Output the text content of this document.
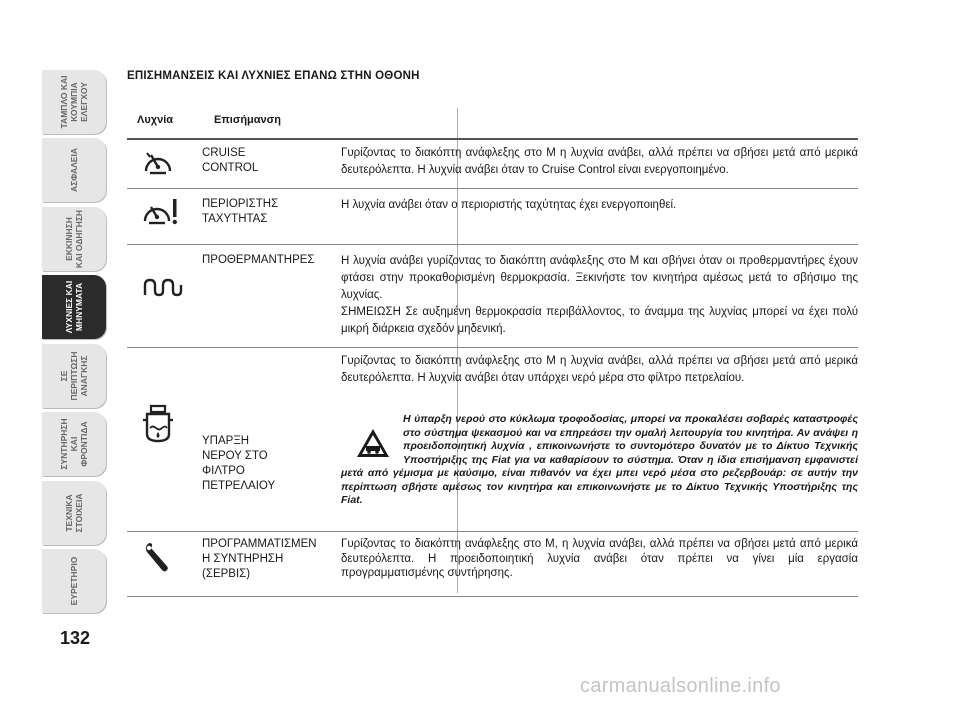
ΤΑΜΠΛΟ ΚΑΙ
ΚΟΥΜΠΙΑ
ΕΛΕΓΧΟΥ
ΑΣΦΑΛΕΙΑ
ΕΚΚΙΝΗΣΗ
ΚΑΙ ΟΔΗΓΗΣΗ
ΛΥΧΝΙΕΣ ΚΑΙ
ΜΗΝΥΜΑΤΑ
ΣΕ ΠΕΡΙΠΤΩΣΗ
ΑΝΑΓΚΗΣ
ΣΥΝΤΗΡΗΣΗ
ΚΑΙ ΦΡΟΝΤΙΔΑ
ΤΕΧΝΙΚΑ
ΣΤΟΙΧΕΙΑ
ΕΥΡΕΤΗΡΙΟ
132
ΕΠΙΣΗΜΑΝΣΕΙΣ ΚΑΙ ΛΥΧΝΙΕΣ ΕΠΑΝΩ ΣΤΗΝ ΟΘΟΝΗ
Λυχνία	Επισήμανση
CRUISE
CONTROL
Γυρίζοντας το διακόπτη ανάφλεξης στο M η λυχνία ανάβει, αλλά πρέπει να σβήσει μετά από μερικά δευτερόλεπτα. Η λυχνία ανάβει όταν το Cruise Control είναι ενεργοποιημένο.
ΠΕΡΙΟΡΙΣΤΗΣ
ΤΑΧΥΤΗΤΑΣ
Η λυχνία ανάβει όταν ο περιοριστής ταχύτητας έχει ενεργοποιηθεί.
ΠΡΟΘΕΡΜΑΝΤΗΡΕΣ Η λυχνία ανάβει γυρίζοντας το διακόπτη ανάφλεξης στο M και σβήνει όταν οι προθερμαντήρες έχουν φτάσει στην προκαθορισμένη θερμοκρασία. Ξεκινήστε τον κινητήρα αμέσως μετά το σβήσιμο της λυχνίας.
ΣΗΜΕΙΩΣΗ Σε αυξημένη θερμοκρασία περιβάλλοντος, το άναμμα της λυχνίας μπορεί να έχει πολύ μικρή διάρκεια σχεδόν μηδενική.
ΥΠΑΡΞΗ
ΝΕΡΟΥ ΣΤΟ
ΦΙΛΤΡΟ
ΠΕΤΡΕΛΑΙΟΥ
Γυρίζοντας το διακόπτη ανάφλεξης στο M η λυχνία ανάβει, αλλά πρέπει να σβήσει μετά από μερικά δευτερόλεπτα. Η λυχνία ανάβει όταν υπάρχει νερό μέρα στο φίλτρο πετρελαίου.
Η ύπαρξη νερού στο κύκλωμα τροφοδοσίας, μπορεί να προκαλέσει σοβαρές καταστροφές στο σύστημα ψεκασμού και να επηρεάσει την ομαλή λειτουργία του κινητήρα. Αν ανάψει η προειδοποιητική λυχνία , επικοινωνήστε το συντομότερο δυνατόν με το Δίκτυο Τεχνικής Υποστήριξης της Fiat για να καθαρίσουν το σύστημα. Όταν η ίδια επισήμανση εμφανιστεί μετά από γέμισμα με καύσιμο, είναι πιθανόν να έχει μπει νερό μέσα στο ρεζερβουάρ: σε αυτήν την περίπτωση σβήστε αμέσως τον κινητήρα και επικοινωνήστε με το Δίκτυο Τεχνικής Υποστήριξης της Fiat.
ΠΡΟΓΡΑΜΜΑΤΙΣΜΕΝ
Η ΣΥΝΤΗΡΗΣΗ
(ΣΕΡΒΙΣ)
Γυρίζοντας το διακόπτη ανάφλεξης στο M, η λυχνία ανάβει, αλλά πρέπει να σβήσει μετά από μερικά δευτερόλεπτα. Η προειδοποιητική λυχνία ανάβει όταν πρέπει να γίνει μία εργασία προγραμματισμένης συντήρησης.
carmanualsonline.info
